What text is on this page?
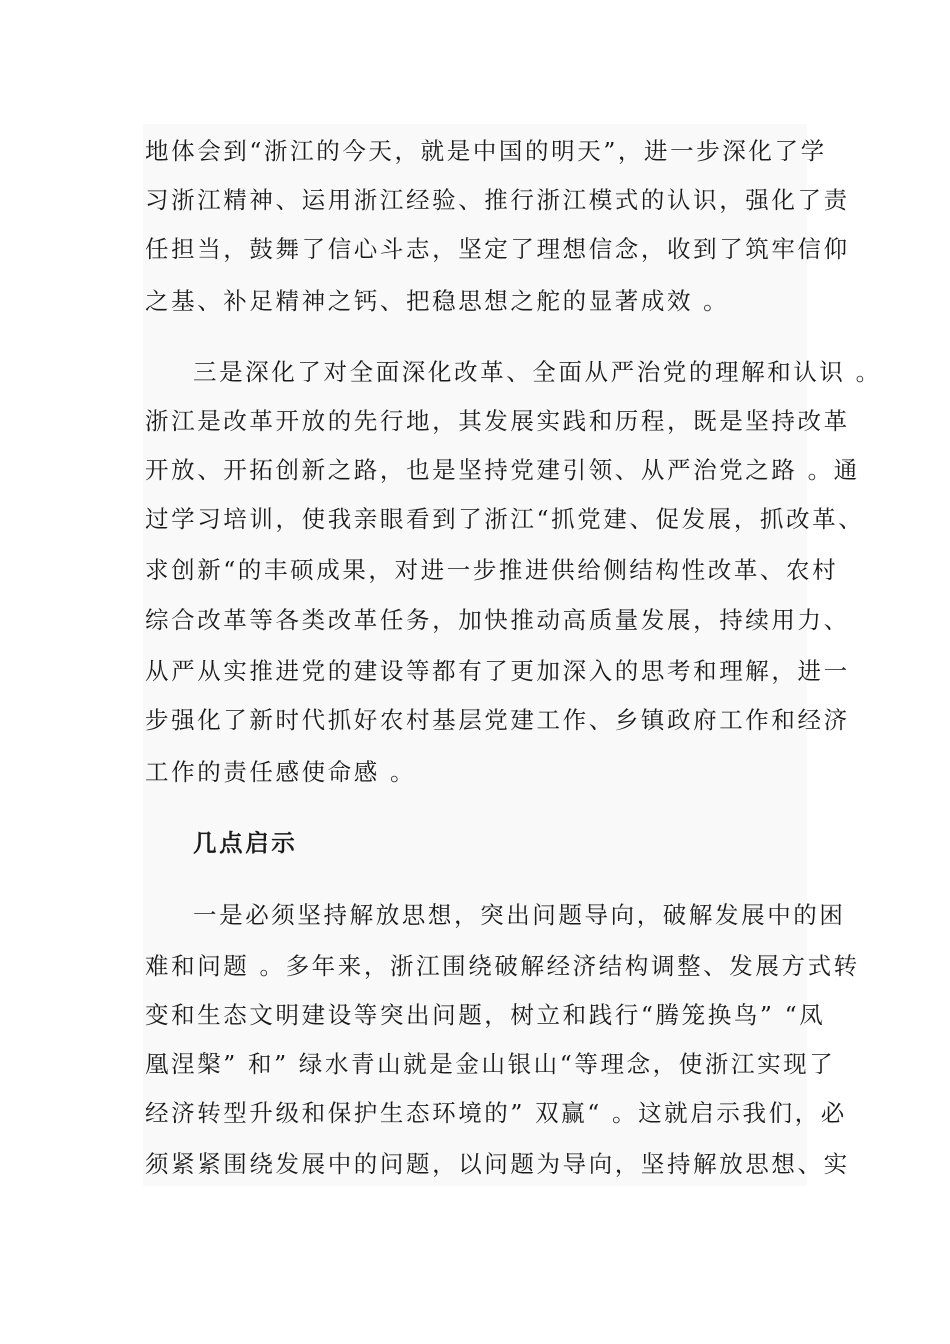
地体会到“浙江的今天，就是中国的明天”，进一步深化了学
习浙江精神、运用浙江经验、推行浙江模式的认识，强化了责
任担当，鼓舞了信心斗志，坚定了理想信念，收到了筑牢信仰
之基、补足精神之钙、把稳思想之舵的显著成效 。
三是深化了对全面深化改革、全面从严治党的理解和认识 。
浙江是改革开放的先行地，其发展实践和历程，既是坚持改革
开放、开拓创新之路，也是坚持党建引领、从严治党之路 。通
过学习培训，使我亲眼看到了浙江“抓党建、促发展，抓改革、
求创新“的丰硕成果，对进一步推进供给侧结构性改革、农村
综合改革等各类改革任务，加快推动高质量发展，持续用力、
从严从实推进党的建设等都有了更加深入的思考和理解，进一
步强化了新时代抓好农村基层党建工作、乡镇政府工作和经济
工作的责任感使命感 。
几点启示
一是必须坚持解放思想，突出问题导向，破解发展中的困
难和问题 。多年来，浙江围绕破解经济结构调整、发展方式转
变和生态文明建设等突出问题，树立和践行“腾笼换鸟” “凤
凰涅槃” 和” 绿水青山就是金山银山“等理念，使浙江实现了
经济转型升级和保护生态环境的” 双赢“ 。这就启示我们，必
须紧紧围绕发展中的问题，以问题为导向，坚持解放思想、实
